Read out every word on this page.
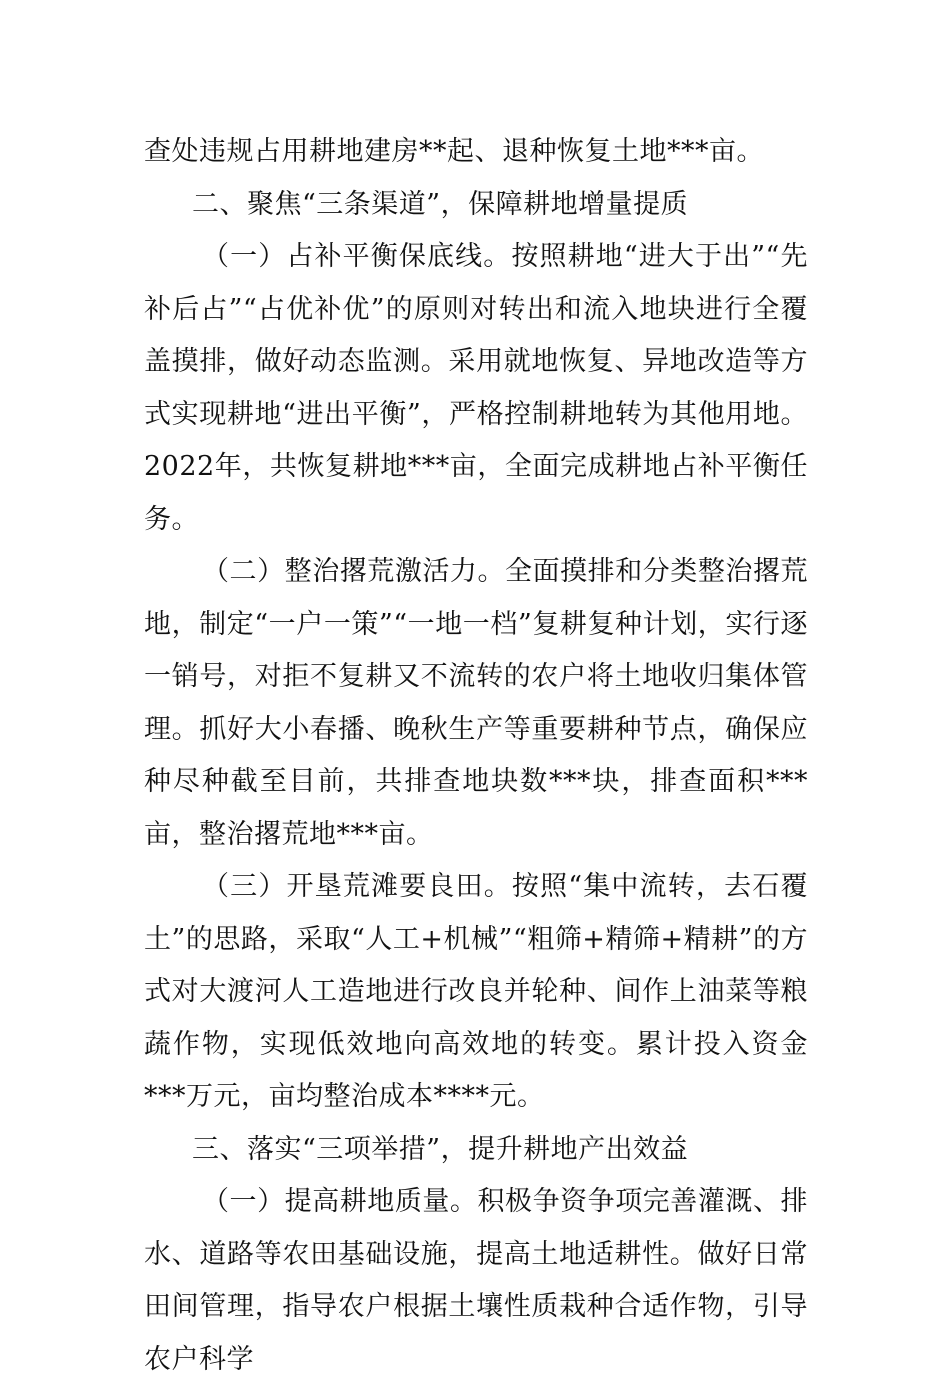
查处违规占用耕地建房**起、退种恢复土地***亩。

二、聚焦“三条渠道”，保障耕地增量提质

（一）占补平衡保底线。按照耕地“进大于出”“先补后占”“占优补优”的原则对转出和流入地块进行全覆盖摸排，做好动态监测。采用就地恢复、异地改造等方式实现耕地“进出平衡”，严格控制耕地转为其他用地。2022年，共恢复耕地***亩，全面完成耕地占补平衡任务。

（二）整治撂荒激活力。全面摸排和分类整治撂荒地，制定“一户一策”“一地一档”复耕复种计划，实行逐一销号，对拒不复耕又不流转的农户将土地收归集体管理。抓好大小春播、晚秋生产等重要耕种节点，确保应种尽种截至目前，共排查地块数***块，排查面积***亩，整治撂荒地***亩。

（三）开垦荒滩要良田。按照“集中流转，去石覆土”的思路，采取“人工+机械”“粗筛+精筛+精耕”的方式对大渡河人工造地进行改良并轮种、间作上油菜等粮蔬作物，实现低效地向高效地的转变。累计投入资金***万元，亩均整治成本****元。

三、落实“三项举措”，提升耕地产出效益

（一）提高耕地质量。积极争资争项完善灌溉、排水、道路等农田基础设施，提高土地适耕性。做好日常田间管理，指导农户根据土壤性质栽种合适作物，引导农户科学
